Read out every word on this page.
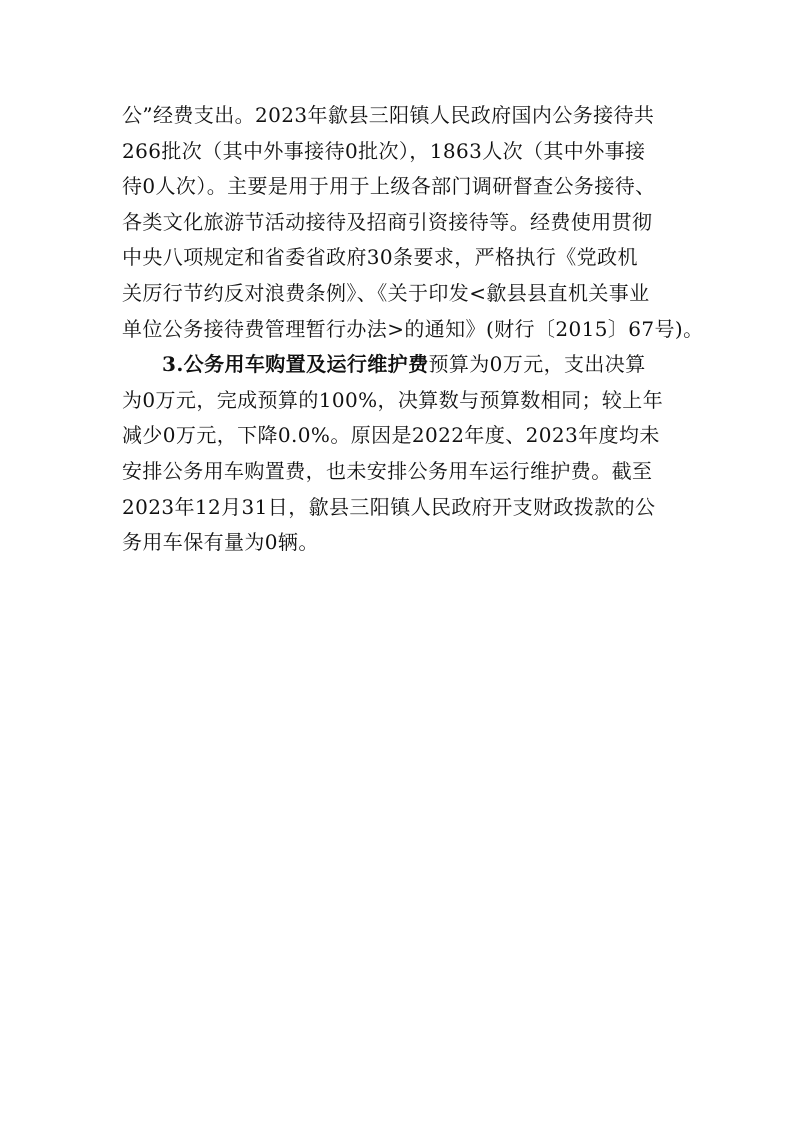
公”经费支出。2023年歙县三阳镇人民政府国内公务接待共
266批次（其中外事接待0批次），1863人次（其中外事接
待0人次）。主要是用于用于上级各部门调研督查公务接待、
各类文化旅游节活动接待及招商引资接待等。经费使用贯彻
中央八项规定和省委省政府30条要求，严格执行《党政机
关厉行节约反对浪费条例》、《关于印发<歙县县直机关事业
单位公务接待费管理暂行办法>的通知》(财行〔2015〕67号)。
3.公务用车购置及运行维护费预算为0万元，支出决算
为0万元，完成预算的100%，决算数与预算数相同；较上年
减少0万元，下降0.0%。原因是2022年度、2023年度均未
安排公务用车购置费，也未安排公务用车运行维护费。截至
2023年12月31日，歙县三阳镇人民政府开支财政拨款的公
务用车保有量为0辆。
